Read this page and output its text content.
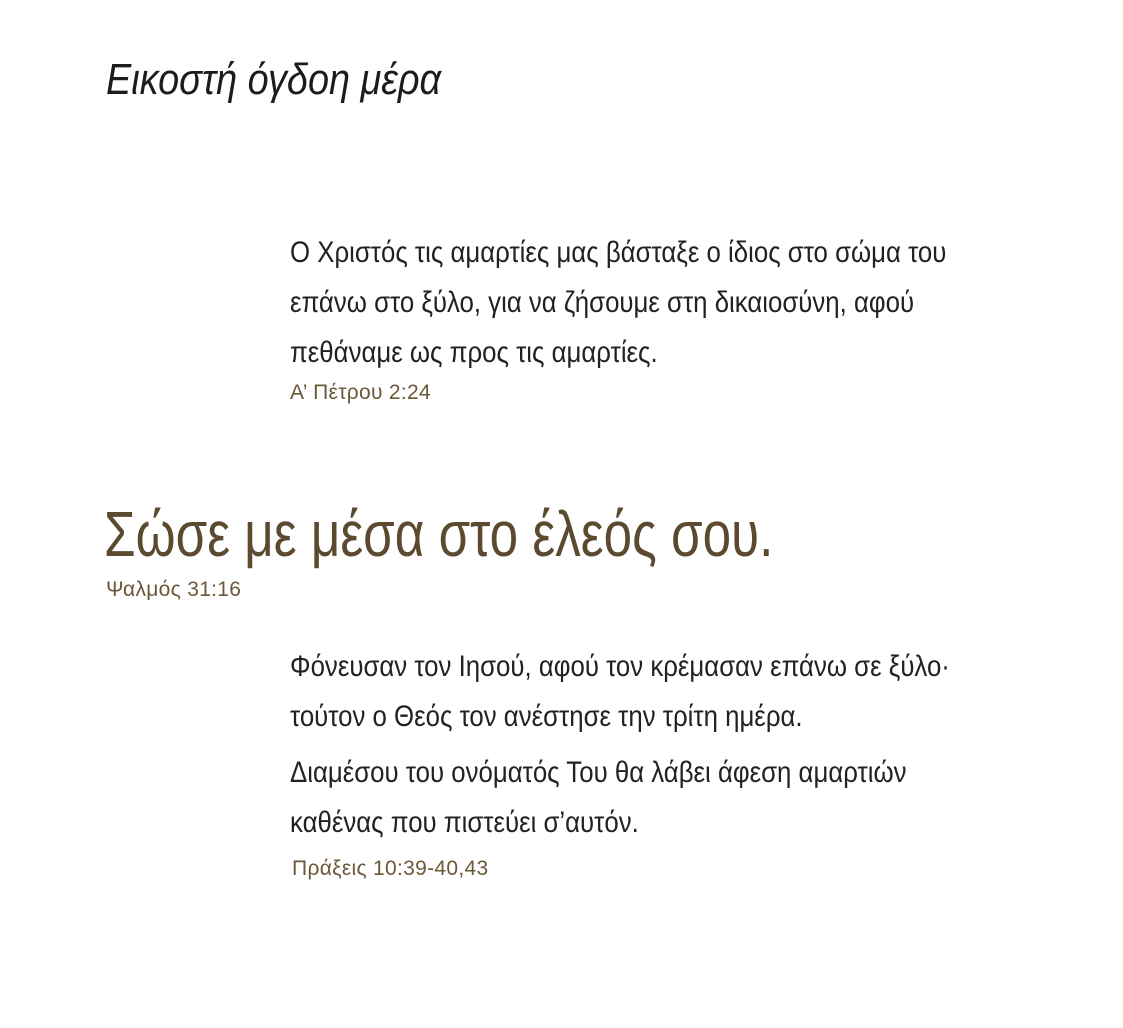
Εικοστή όγδοη μέρα

Ο Χριστός τις αμαρτίες μας βάσταξε ο ίδιος στο σώμα του

επάνω στο ξύλο, για να ζήσουμε στη δικαιοσύνη, αφού

πεθάναμε ως προς τις αμαρτίες.

Α’ Πέτρου 2:24
Σώσε με μέσα στο έλεός σου.
Ψαλμός 31:16

Φόνευσαν τον Ιησού, αφού τον κρέμασαν επάνω σε ξύλο·

τούτον ο Θεός τον ανέστησε την τρίτη ημέρα.

Διαμέσου του ονόματός Του θα λάβει άφεση αμαρτιών

καθένας που πιστεύει σ’αυτόν.

Πράξεις 10:39-40,43
